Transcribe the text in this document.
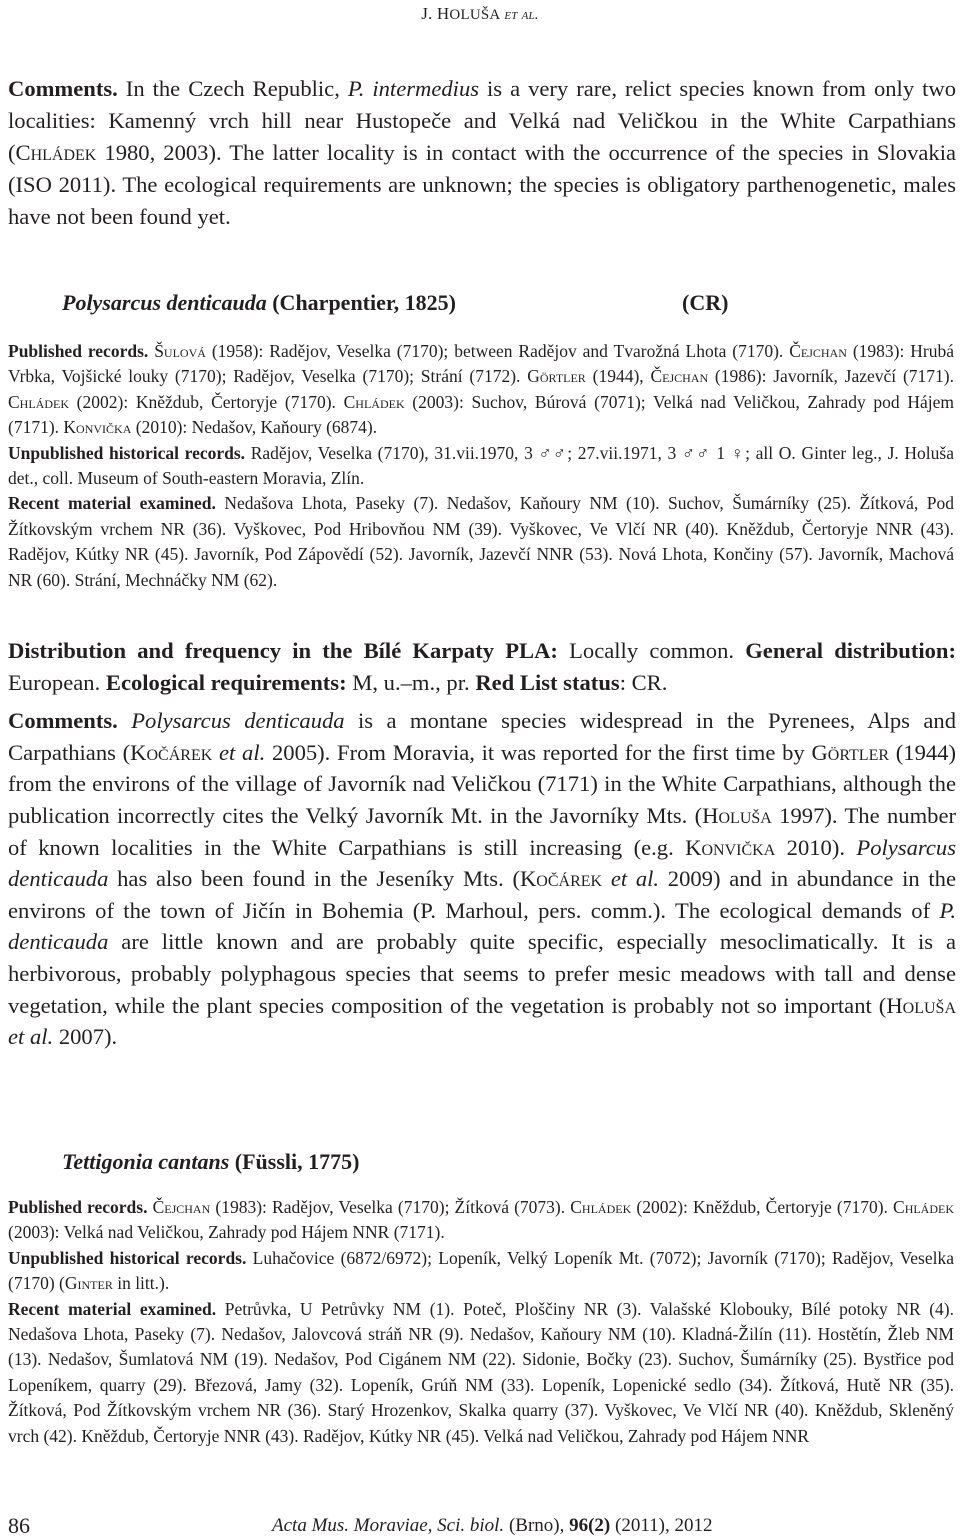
J. HOLUŠA et al.

Comments. In the Czech Republic, P. intermedius is a very rare, relict species known from only two localities: Kamenný vrch hill near Hustopeče and Velká nad Veličkou in the White Carpathians (Chládek 1980, 2003). The latter locality is in contact with the occurrence of the species in Slovakia (ISO 2011). The ecological requirements are unknown; the species is obligatory parthenogenetic, males have not been found yet.

Polysarcus denticauda (Charpentier, 1825)	(CR)

Published records. Šulová (1958): Radějov, Veselka (7170); between Radějov and Tvarožná Lhota (7170). Čejchan (1983): Hrubá Vrbka, Vojšické louky (7170); Radějov, Veselka (7170); Strání (7172). Görtler (1944), Čejchan (1986): Javorník, Jazevčí (7171). Chládek (2002): Kněždub, Čertoryje (7170). Chládek (2003): Suchov, Búrová (7071); Velká nad Veličkou, Zahrady pod Hájem (7171). Konvička (2010): Nedašov, Kaňoury (6874).

Unpublished historical records. Radějov, Veselka (7170), 31.vii.1970, 3 ♂♂; 27.vii.1971, 3 ♂♂ 1 ♀; all O. Ginter leg., J. Holuša det., coll. Museum of South-eastern Moravia, Zlín.

Recent material examined. Nedašova Lhota, Paseky (7). Nedašov, Kaňoury NM (10). Suchov, Šumárníky (25). Žítková, Pod Žítkovským vrchem NR (36). Vyškovec, Pod Hribovňou NM (39). Vyškovec, Ve Vlčí NR (40). Kněždub, Čertoryje NNR (43). Radějov, Kútky NR (45). Javorník, Pod Zápovědí (52). Javorník, Jazevčí NNR (53). Nová Lhota, Končiny (57). Javorník, Machová NR (60). Strání, Mechnáčky NM (62).

Distribution and frequency in the Bílé Karpaty PLA: Locally common. General distribution: European. Ecological requirements: M, u.–m., pr. Red List status: CR.

Comments. Polysarcus denticauda is a montane species widespread in the Pyrenees, Alps and Carpathians (Kočárek et al. 2005). From Moravia, it was reported for the first time by Görtler (1944) from the environs of the village of Javorník nad Veličkou (7171) in the White Carpathians, although the publication incorrectly cites the Velký Javorník Mt. in the Javorníky Mts. (Holuša 1997). The number of known localities in the White Carpathians is still increasing (e.g. Konvička 2010). Polysarcus denticauda has also been found in the Jeseníky Mts. (Kočárek et al. 2009) and in abundance in the environs of the town of Jičín in Bohemia (P. Marhoul, pers. comm.). The ecological demands of P. denticauda are little known and are probably quite specific, especially mesoclimatically. It is a herbivorous, probably polyphagous species that seems to prefer mesic meadows with tall and dense vegetation, while the plant species composition of the vegetation is probably not so important (Holuša et al. 2007).

Tettigonia cantans (Füssli, 1775)

Published records. Čejchan (1983): Radějov, Veselka (7170); Žítková (7073). Chládek (2002): Kněždub, Čertoryje (7170). Chládek (2003): Velká nad Veličkou, Zahrady pod Hájem NNR (7171).

Unpublished historical records. Luhačovice (6872/6972); Lopeník, Velký Lopeník Mt. (7072); Javorník (7170); Radějov, Veselka (7170) (Ginter in litt.).

Recent material examined. Petrůvka, U Petrůvky NM (1). Poteč, Ploščiny NR (3). Valašské Klobouky, Bílé potoky NR (4). Nedašova Lhota, Paseky (7). Nedašov, Jalovcová stráň NR (9). Nedašov, Kaňoury NM (10). Kladná-Žilín (11). Hostětín, Žleb NM (13). Nedašov, Šumlatová NM (19). Nedašov, Pod Cigánem NM (22). Sidonie, Bočky (23). Suchov, Šumárníky (25). Bystřice pod Lopeníkem, quarry (29). Březová, Jamy (32). Lopeník, Grúň NM (33). Lopeník, Lopenické sedlo (34). Žítková, Hutě NR (35). Žítková, Pod Žítkovským vrchem NR (36). Starý Hrozenkov, Skalka quarry (37). Vyškovec, Ve Vlčí NR (40). Kněždub, Skleněný vrch (42). Kněždub, Čertoryje NNR (43). Radějov, Kútky NR (45). Velká nad Veličkou, Zahrady pod Hájem NNR

86	Acta Mus. Moraviae, Sci. biol. (Brno), 96(2) (2011), 2012
